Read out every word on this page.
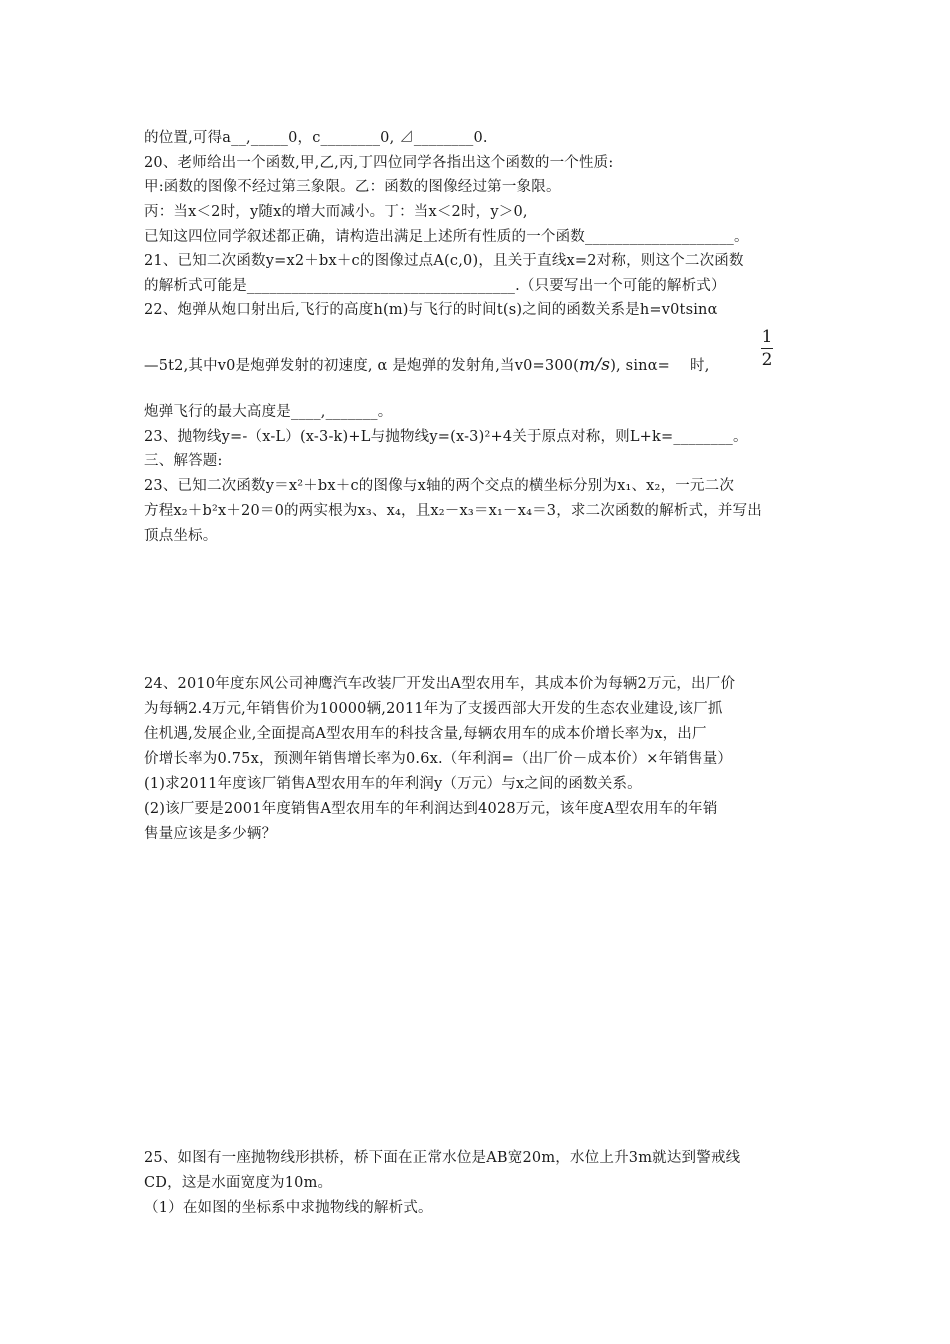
的位置,可得a__,_____0，c________0, ⊿________0.
20、老师给出一个函数,甲,乙,丙,丁四位同学各指出这个函数的一个性质:
甲:函数的图像不经过第三象限。乙：函数的图像经过第一象限。
丙：当x＜2时，y随x的增大而减小。丁：当x＜2时，y＞0,
已知这四位同学叙述都正确，请构造出满足上述所有性质的一个函数____________________。
21、已知二次函数y=x2＋bx＋c的图像过点A(c,0)，且关于直线x=2对称，则这个二次函数
的解析式可能是____________________________________.（只要写出一个可能的解析式）
22、炮弹从炮口射出后,飞行的高度h(m)与飞行的时间t(s)之间的函数关系是h=v0tsinα
—5t2,其中v0是炮弹发射的初速度, α 是炮弹的发射角,当v0=300(m/s), sinα= 时,
1
2
炮弹飞行的最大高度是____,_______。
23、抛物线y=-（x-L）(x-3-k)+L与抛物线y=(x-3)²+4关于原点对称，则L+k=________。
三、解答题:
23、已知二次函数y＝x²＋bx＋c的图像与x轴的两个交点的横坐标分别为x₁、x₂，一元二次
方程x₂＋b²x＋20＝0的两实根为x₃、x₄，且x₂－x₃＝x₁－x₄＝3，求二次函数的解析式，并写出
顶点坐标。
24、2010年度东风公司神鹰汽车改装厂开发出A型农用车，其成本价为每辆2万元，出厂价
为每辆2.4万元,年销售价为10000辆,2011年为了支援西部大开发的生态农业建设,该厂抓
住机遇,发展企业,全面提高A型农用车的科技含量,每辆农用车的成本价增长率为x，出厂
价增长率为0.75x，预测年销售增长率为0.6x.（年利润=（出厂价－成本价）×年销售量）
(1)求2011年度该厂销售A型农用车的年利润y（万元）与x之间的函数关系。
(2)该厂要是2001年度销售A型农用车的年利润达到4028万元，该年度A型农用车的年销
售量应该是多少辆？
25、如图有一座抛物线形拱桥，桥下面在正常水位是AB宽20m，水位上升3m就达到警戒线
CD，这是水面宽度为10m。
（1）在如图的坐标系中求抛物线的解析式。
